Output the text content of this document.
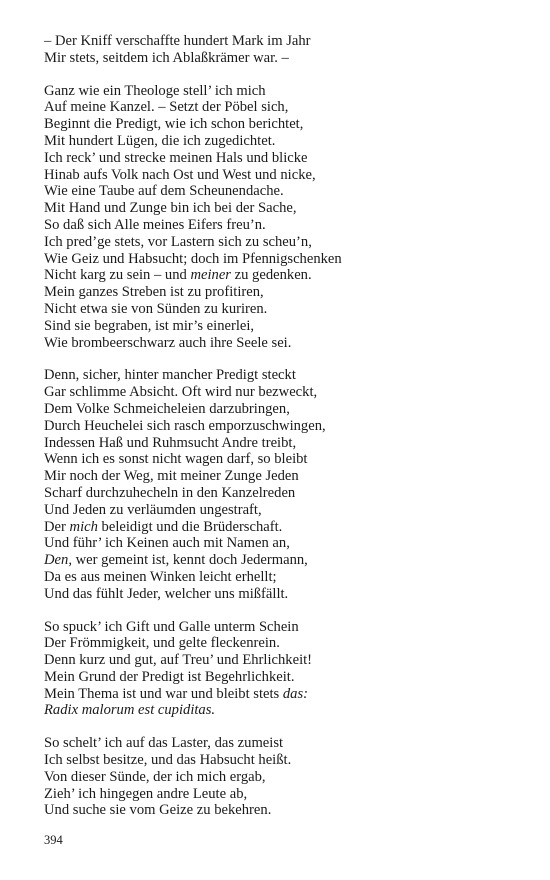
– Der Kniff verschaffte hundert Mark im Jahr
Mir stets, seitdem ich Ablaßkrämer war. –
Ganz wie ein Theologe stell’ ich mich
Auf meine Kanzel. – Setzt der Pöbel sich,
Beginnt die Predigt, wie ich schon berichtet,
Mit hundert Lügen, die ich zugedichtet.
Ich reck’ und strecke meinen Hals und blicke
Hinab aufs Volk nach Ost und West und nicke,
Wie eine Taube auf dem Scheunendache.
Mit Hand und Zunge bin ich bei der Sache,
So daß sich Alle meines Eifers freu’n.
Ich pred’ge stets, vor Lastern sich zu scheu’n,
Wie Geiz und Habsucht; doch im Pfennigschenken
Nicht karg zu sein – und meiner zu gedenken.
Mein ganzes Streben ist zu profitiren,
Nicht etwa sie von Sünden zu kuriren.
Sind sie begraben, ist mir’s einerlei,
Wie brombeerschwarz auch ihre Seele sei.
Denn, sicher, hinter mancher Predigt steckt
Gar schlimme Absicht. Oft wird nur bezweckt,
Dem Volke Schmeicheleien darzubringen,
Durch Heuchelei sich rasch emporzuschwingen,
Indessen Haß und Ruhmsucht Andre treibt,
Wenn ich es sonst nicht wagen darf, so bleibt
Mir noch der Weg, mit meiner Zunge Jeden
Scharf durchzuhecheln in den Kanzelreden
Und Jeden zu verläumden ungestraft,
Der mich beleidigt und die Brüderschaft.
Und führ’ ich Keinen auch mit Namen an,
Den, wer gemeint ist, kennt doch Jedermann,
Da es aus meinen Winken leicht erhellt;
Und das fühlt Jeder, welcher uns mißfällt.
So spuck’ ich Gift und Galle unterm Schein
Der Frömmigkeit, und gelte fleckenrein.
Denn kurz und gut, auf Treu’ und Ehrlichkeit!
Mein Grund der Predigt ist Begehrlichkeit.
Mein Thema ist und war und bleibt stets das:
Radix malorum est cupiditas.
So schelt’ ich auf das Laster, das zumeist
Ich selbst besitze, und das Habsucht heißt.
Von dieser Sünde, der ich mich ergab,
Zieh’ ich hingegen andre Leute ab,
Und suche sie vom Geize zu bekehren.
394
